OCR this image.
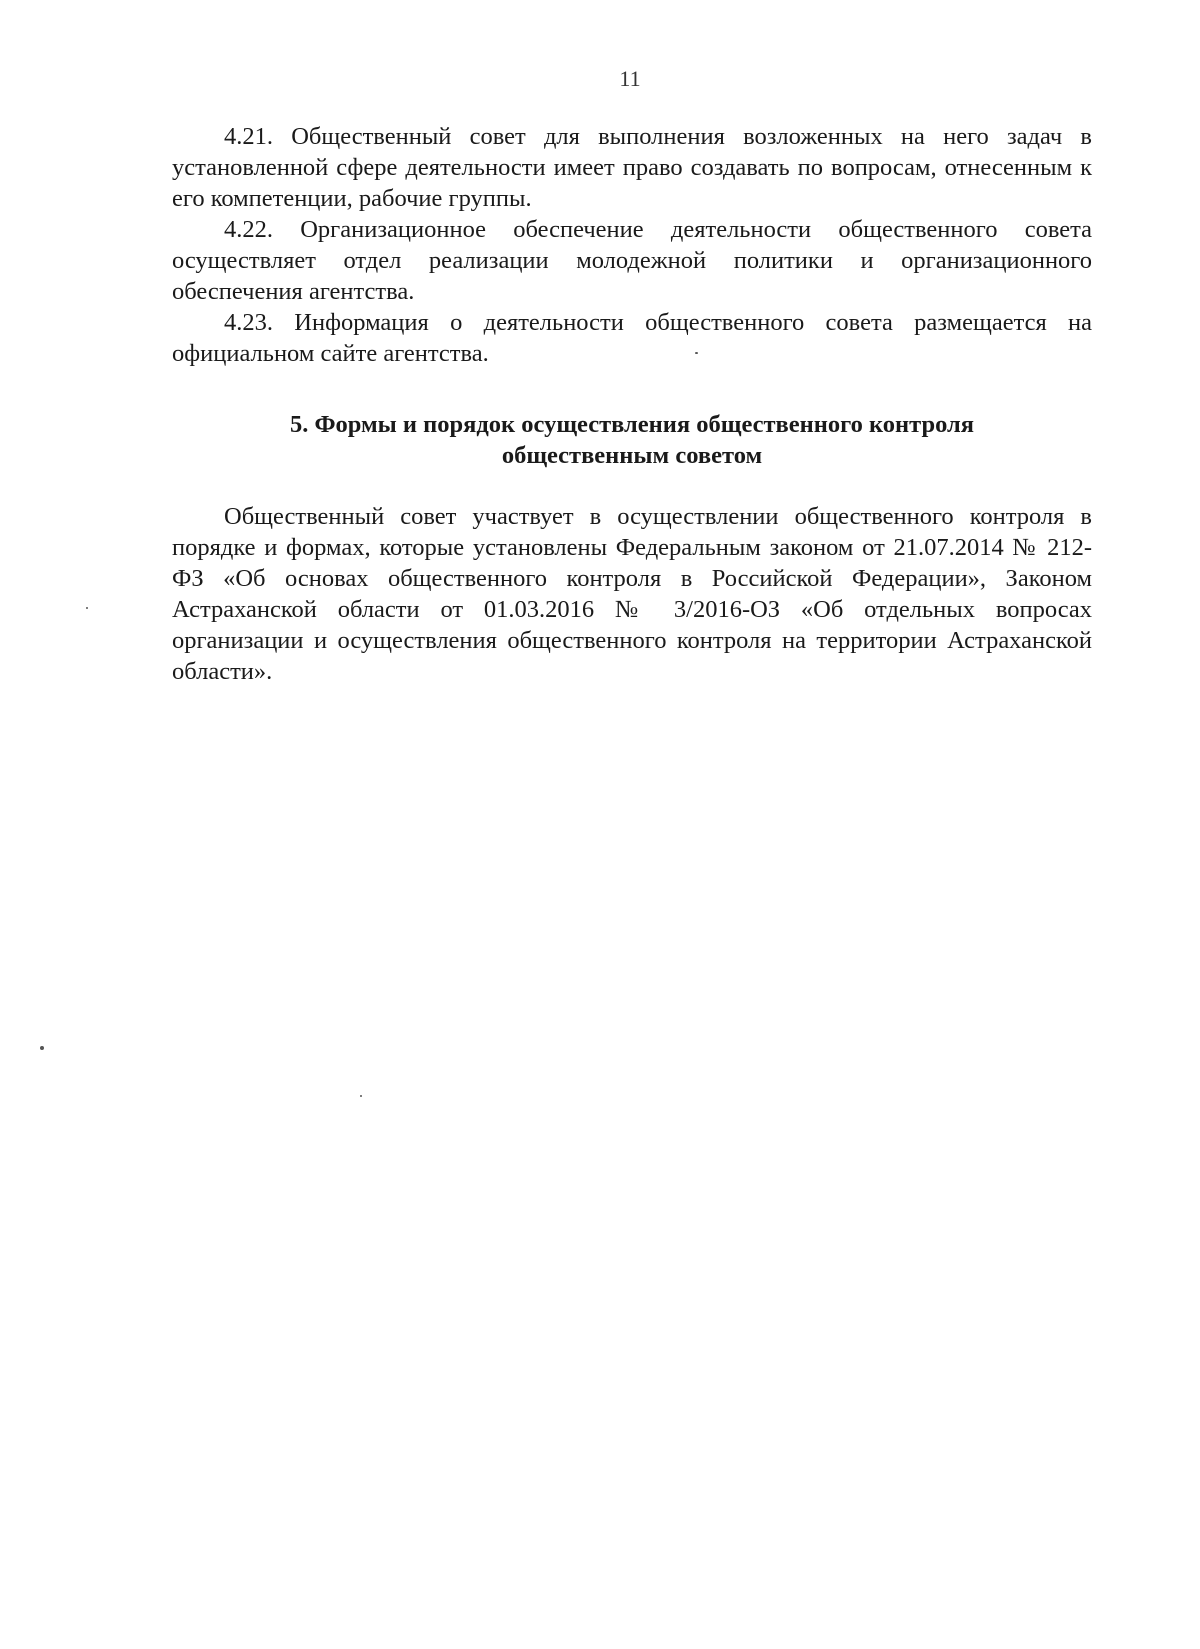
11

4.21. Общественный совет для выполнения возложенных на него задач в установленной сфере деятельности имеет право создавать по вопросам, отнесенным к его компетенции, рабочие группы.

4.22. Организационное обеспечение деятельности общественного совета осуществляет отдел реализации молодежной политики и организационного обеспечения агентства.

4.23. Информация о деятельности общественного совета размещается на официальном сайте агентства.

5. Формы и порядок осуществления общественного контроля
общественным советом

Общественный совет участвует в осуществлении общественного контроля в порядке и формах, которые установлены Федеральным законом от 21.07.2014 № 212-ФЗ «Об основах общественного контроля в Российской Федерации», Законом Астраханской области от 01.03.2016 № 3/2016-ОЗ «Об отдельных вопросах организации и осуществления общественного контроля на территории Астраханской области».
